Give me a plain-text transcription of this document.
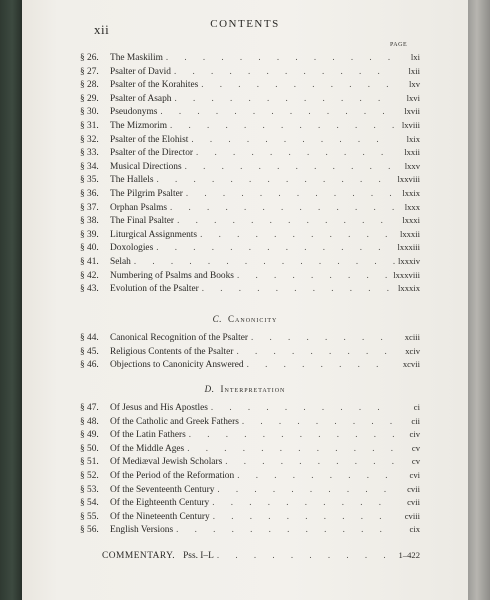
xii	CONTENTS
PAGE
§ 26.	The Maskilim . . .	lxi
§ 27.	Psalter of David . . .	lxii
§ 28.	Psalter of the Korahites . . .	lxv
§ 29.	Psalter of Asaph . . .	lxvi
§ 30.	Pseudonyms . . .	lxvii
§ 31.	The Mizmorim . . .	lxviii
§ 32.	Psalter of the Elohist . . .	lxix
§ 33.	Psalter of the Director . . .	lxxii
§ 34.	Musical Directions . . .	lxxv
§ 35.	The Hallels . . .	lxxviii
§ 36.	The Pilgrim Psalter . . .	lxxix
§ 37.	Orphan Psalms . . .	lxxx
§ 38.	The Final Psalter . . .	lxxxi
§ 39.	Liturgical Assignments . . .	lxxxii
§ 40.	Doxologies . . .	lxxxiii
§ 41.	Selah . . .	lxxxiv
§ 42.	Numbering of Psalms and Books . . .	lxxxviii
§ 43.	Evolution of the Psalter . . .	lxxxix
C. Canonicity
§ 44.	Canonical Recognition of the Psalter . . .	xciii
§ 45.	Religious Contents of the Psalter . . .	xciv
§ 46.	Objections to Canonicity Answered . . .	xcvii
D. Interpretation
§ 47.	Of Jesus and His Apostles . . .	ci
§ 48.	Of the Catholic and Greek Fathers . . .	cii
§ 49.	Of the Latin Fathers . . .	civ
§ 50.	Of the Middle Ages . . .	cv
§ 51.	Of Mediæval Jewish Scholars . . .	cv
§ 52.	Of the Period of the Reformation . . .	cvi
§ 53.	Of the Seventeenth Century . . .	cvii
§ 54.	Of the Eighteenth Century . . .	cvii
§ 55.	Of the Nineteenth Century . . .	cviii
§ 56.	English Versions . . .	cix
COMMENTARY. Pss. I–L . . .	1–422
